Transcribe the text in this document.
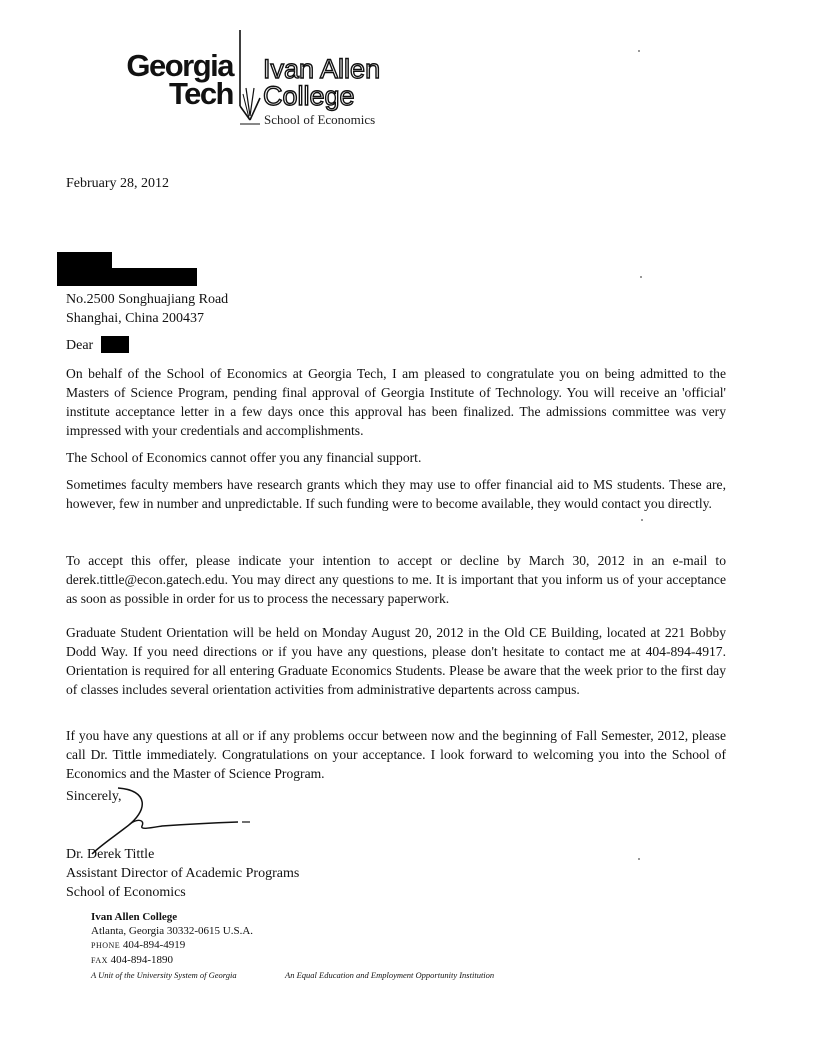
Georgia
Tech
Ivan Allen
College
School of Economics
February 28, 2012
No.2500 Songhuajiang Road
Shanghai, China 200437
Dear
On behalf of the School of Economics at Georgia Tech, I am pleased to congratulate you on being admitted to the Masters of Science Program, pending final approval of Georgia Institute of Technology. You will receive an 'official' institute acceptance letter in a few days once this approval has been finalized. The admissions committee was very impressed with your credentials and accomplishments.
The School of Economics cannot offer you any financial support.
Sometimes faculty members have research grants which they may use to offer financial aid to MS students. These are, however, few in number and unpredictable. If such funding were to become available, they would contact you directly.
To accept this offer, please indicate your intention to accept or decline by March 30, 2012 in an e-mail to derek.tittle@econ.gatech.edu. You may direct any questions to me. It is important that you inform us of your acceptance as soon as possible in order for us to process the necessary paperwork.
Graduate Student Orientation will be held on Monday August 20, 2012 in the Old CE Building, located at 221 Bobby Dodd Way. If you need directions or if you have any questions, please don't hesitate to contact me at 404-894-4917. Orientation is required for all entering Graduate Economics Students. Please be aware that the week prior to the first day of classes includes several orientation activities from administrative departents across campus.
If you have any questions at all or if any problems occur between now and the beginning of Fall Semester, 2012, please call Dr. Tittle immediately. Congratulations on your acceptance. I look forward to welcoming you into the School of Economics and the Master of Science Program.
Sincerely,
Dr. Derek Tittle
Assistant Director of Academic Programs
School of Economics
Ivan Allen College
Atlanta, Georgia 30332-0615 U.S.A.
PHONE 404-894-4919
FAX 404-894-1890
A Unit of the University System of Georgia	An Equal Education and Employment Opportunity Institution
